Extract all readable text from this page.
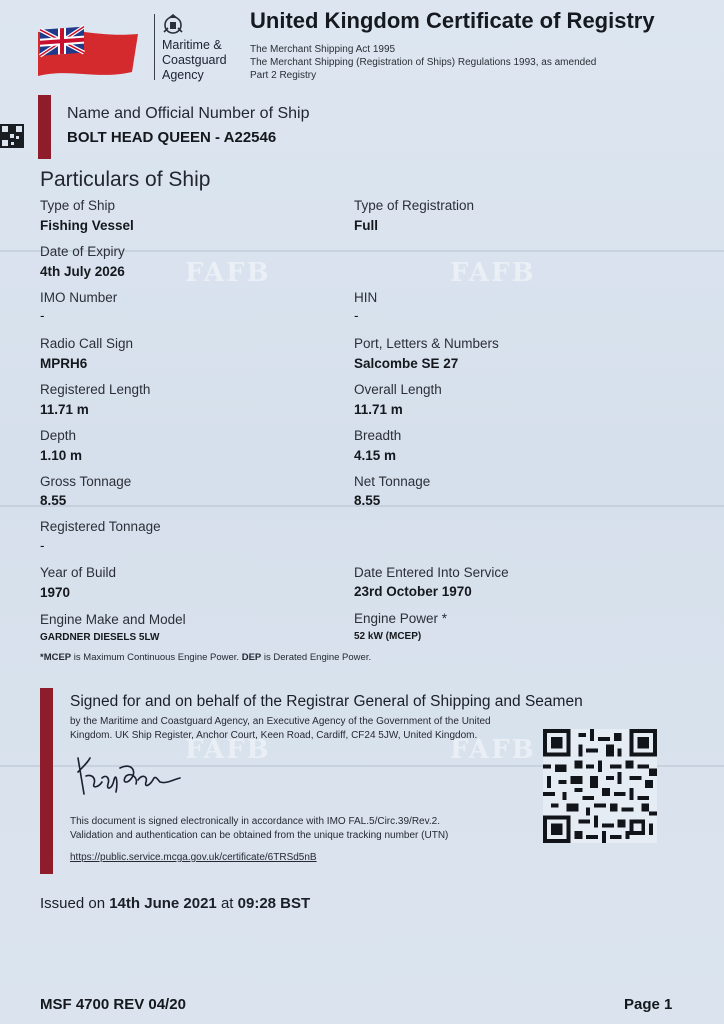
FAFB	FAFB
FAFB	FAFB
Maritime &
Coastguard
Agency
United Kingdom Certificate of Registry
The Merchant Shipping Act 1995
The Merchant Shipping (Registration of Ships) Regulations 1993, as amended
Part 2 Registry
Name and Official Number of Ship
BOLT HEAD QUEEN - A22546
Particulars of Ship
Type of Ship
Fishing Vessel
Type of Registration
Full
Date of Expiry
4th July 2026
IMO Number
-
HIN
-
Radio Call Sign
MPRH6
Port, Letters & Numbers
Salcombe SE 27
Registered Length
11.71 m
Overall Length
11.71 m
Depth
1.10 m
Breadth
4.15 m
Gross Tonnage
8.55
Net Tonnage
8.55
Registered Tonnage
-
Year of Build
1970
Date Entered Into Service
23rd October 1970
Engine Make and Model
GARDNER DIESELS 5LW
Engine Power *
52 kW (MCEP)
*MCEP is Maximum Continuous Engine Power. DEP is Derated Engine Power.
Signed for and on behalf of the Registrar General of Shipping and Seamen
by the Maritime and Coastguard Agency, an Executive Agency of the Government of the United
Kingdom. UK Ship Register, Anchor Court, Keen Road, Cardiff, CF24 5JW, United Kingdom.
This document is signed electronically in accordance with IMO FAL.5/Circ.39/Rev.2.
Validation and authentication can be obtained from the unique tracking number (UTN)
https://public.service.mcga.gov.uk/certificate/6TRSd5nB
Issued on 14th June 2021 at 09:28 BST
MSF 4700 REV 04/20	Page 1
